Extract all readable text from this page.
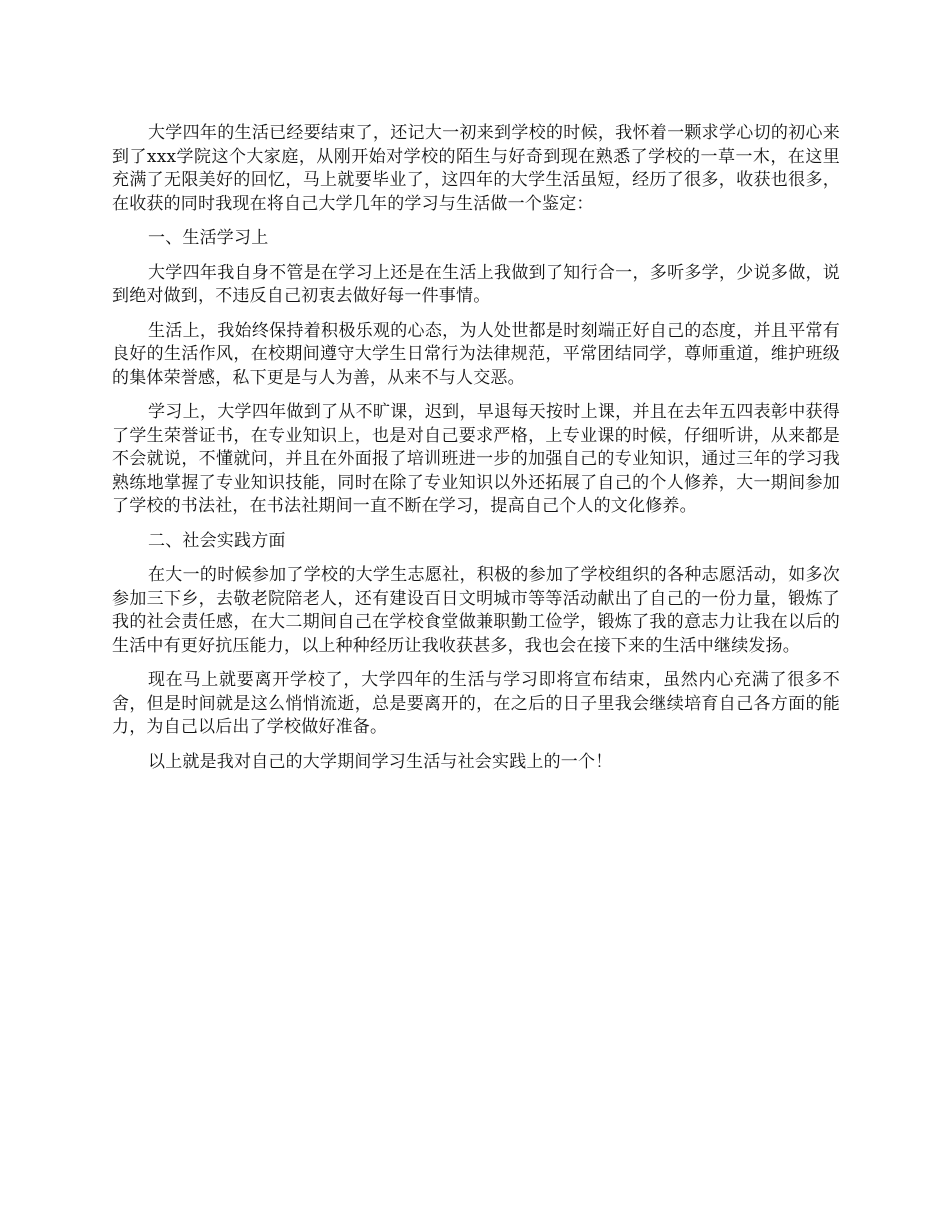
大学四年的生活已经要结束了，还记大一初来到学校的时候，我怀着一颗求学心切的初心来到了xxx学院这个大家庭，从刚开始对学校的陌生与好奇到现在熟悉了学校的一草一木，在这里充满了无限美好的回忆，马上就要毕业了，这四年的大学生活虽短，经历了很多，收获也很多，在收获的同时我现在将自己大学几年的学习与生活做一个鉴定：

一、生活学习上

大学四年我自身不管是在学习上还是在生活上我做到了知行合一，多听多学，少说多做，说到绝对做到，不违反自己初衷去做好每一件事情。

生活上，我始终保持着积极乐观的心态，为人处世都是时刻端正好自己的态度，并且平常有良好的生活作风，在校期间遵守大学生日常行为法律规范，平常团结同学，尊师重道，维护班级的集体荣誉感，私下更是与人为善，从来不与人交恶。

学习上，大学四年做到了从不旷课，迟到，早退每天按时上课，并且在去年五四表彰中获得了学生荣誉证书，在专业知识上，也是对自己要求严格，上专业课的时候，仔细听讲，从来都是不会就说，不懂就问，并且在外面报了培训班进一步的加强自己的专业知识，通过三年的学习我熟练地掌握了专业知识技能，同时在除了专业知识以外还拓展了自己的个人修养，大一期间参加了学校的书法社，在书法社期间一直不断在学习，提高自己个人的文化修养。

二、社会实践方面

在大一的时候参加了学校的大学生志愿社，积极的参加了学校组织的各种志愿活动，如多次参加三下乡，去敬老院陪老人，还有建设百日文明城市等等活动献出了自己的一份力量，锻炼了我的社会责任感，在大二期间自己在学校食堂做兼职勤工俭学，锻炼了我的意志力让我在以后的生活中有更好抗压能力，以上种种经历让我收获甚多，我也会在接下来的生活中继续发扬。

现在马上就要离开学校了，大学四年的生活与学习即将宣布结束，虽然内心充满了很多不舍，但是时间就是这么悄悄流逝，总是要离开的，在之后的日子里我会继续培育自己各方面的能力，为自己以后出了学校做好准备。

以上就是我对自己的大学期间学习生活与社会实践上的一个！
